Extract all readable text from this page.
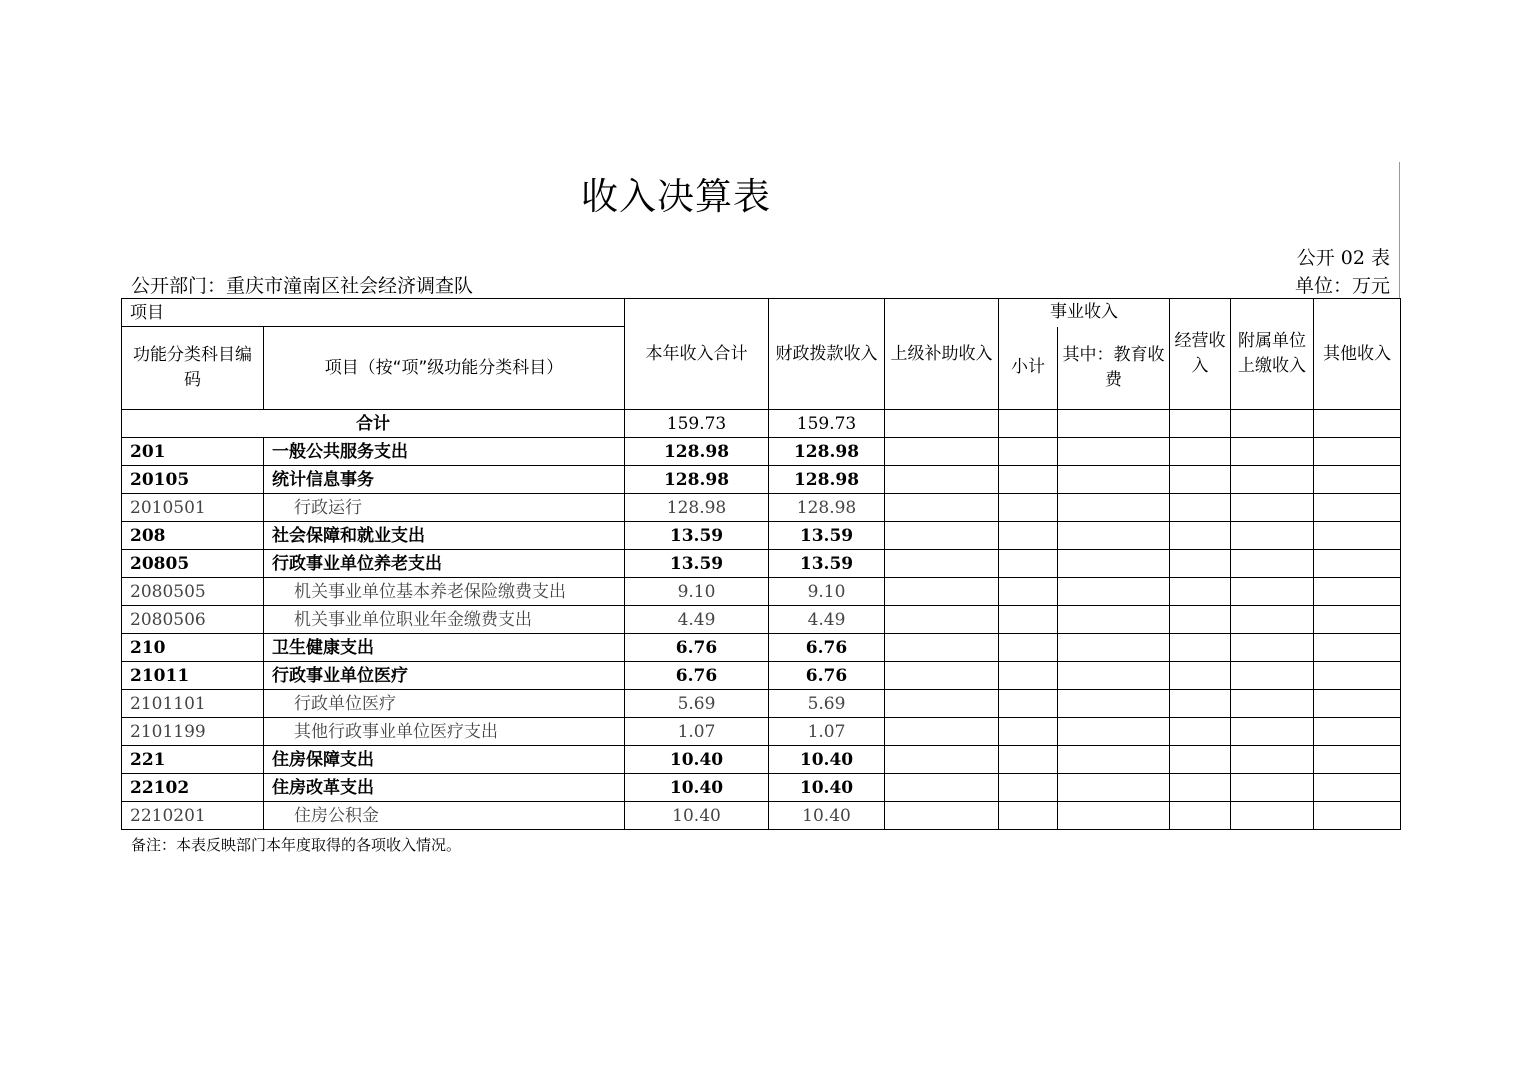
收入决算表
公开 02 表
公开部门：重庆市潼南区社会经济调查队	单位：万元
项目		本年收入合计	财政拨款收入	上级补助收入	事业收入		经营收入	附属单位上缴收入	其他收入
功能分类科目编码	项目（按“项”级功能分类科目）				小计	其中：教育收费			
合计		159.73	159.73						
201	一般公共服务支出	128.98	128.98						
20105	统计信息事务	128.98	128.98						
2010501	行政运行	128.98	128.98						
208	社会保障和就业支出	13.59	13.59						
20805	行政事业单位养老支出	13.59	13.59						
2080505	机关事业单位基本养老保险缴费支出	9.10	9.10						
2080506	机关事业单位职业年金缴费支出	4.49	4.49						
210	卫生健康支出	6.76	6.76						
21011	行政事业单位医疗	6.76	6.76						
2101101	行政单位医疗	5.69	5.69						
2101199	其他行政事业单位医疗支出	1.07	1.07						
221	住房保障支出	10.40	10.40						
22102	住房改革支出	10.40	10.40						
2210201	住房公积金	10.40	10.40						
备注：本表反映部门本年度取得的各项收入情况。
